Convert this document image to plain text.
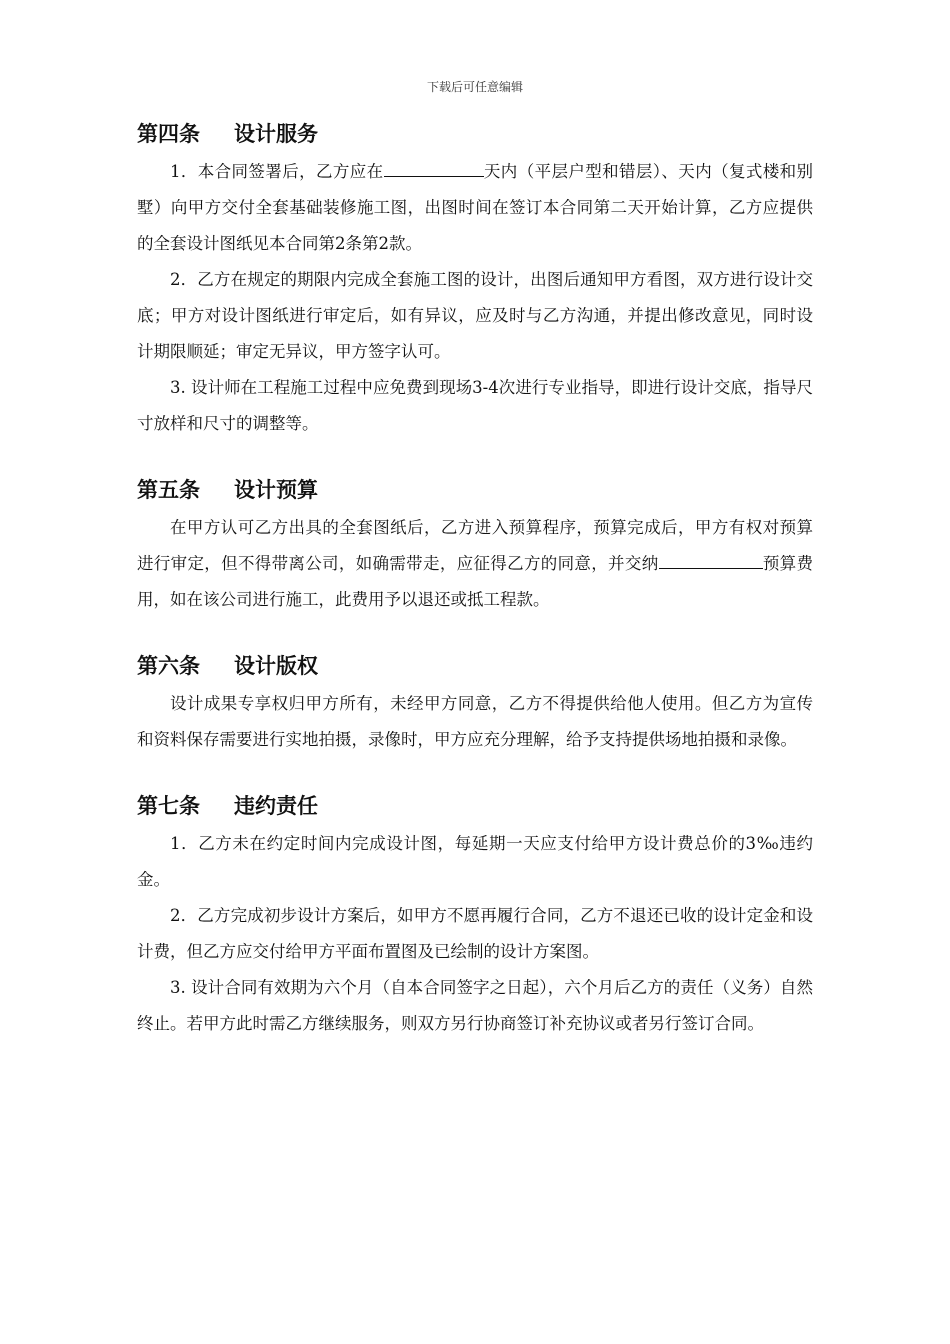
下载后可任意编辑
第四条 设计服务

1．本合同签署后，乙方应在	天内（平层户型和错层）、天内（复式楼和别墅）向甲方交付全套基础装修施工图，出图时间在签订本合同第二天开始计算，乙方应提供的全套设计图纸见本合同第2条第2款。

2．乙方在规定的期限内完成全套施工图的设计，出图后通知甲方看图，双方进行设计交底；甲方对设计图纸进行审定后，如有异议，应及时与乙方沟通，并提出修改意见，同时设计期限顺延；审定无异议，甲方签字认可。

3. 设计师在工程施工过程中应免费到现场3-4次进行专业指导，即进行设计交底，指导尺寸放样和尺寸的调整等。

第五条 设计预算

在甲方认可乙方出具的全套图纸后，乙方进入预算程序，预算完成后，甲方有权对预算进行审定，但不得带离公司，如确需带走，应征得乙方的同意，并交纳	预算费用，如在该公司进行施工，此费用予以退还或抵工程款。

第六条 设计版权

设计成果专享权归甲方所有，未经甲方同意，乙方不得提供给他人使用。但乙方为宣传和资料保存需要进行实地拍摄，录像时，甲方应充分理解，给予支持提供场地拍摄和录像。

第七条 违约责任

1．乙方未在约定时间内完成设计图，每延期一天应支付给甲方设计费总价的3‰违约金。

2．乙方完成初步设计方案后，如甲方不愿再履行合同，乙方不退还已收的设计定金和设计费，但乙方应交付给甲方平面布置图及已绘制的设计方案图。

3. 设计合同有效期为六个月（自本合同签字之日起），六个月后乙方的责任（义务）自然终止。若甲方此时需乙方继续服务，则双方另行协商签订补充协议或者另行签订合同。
